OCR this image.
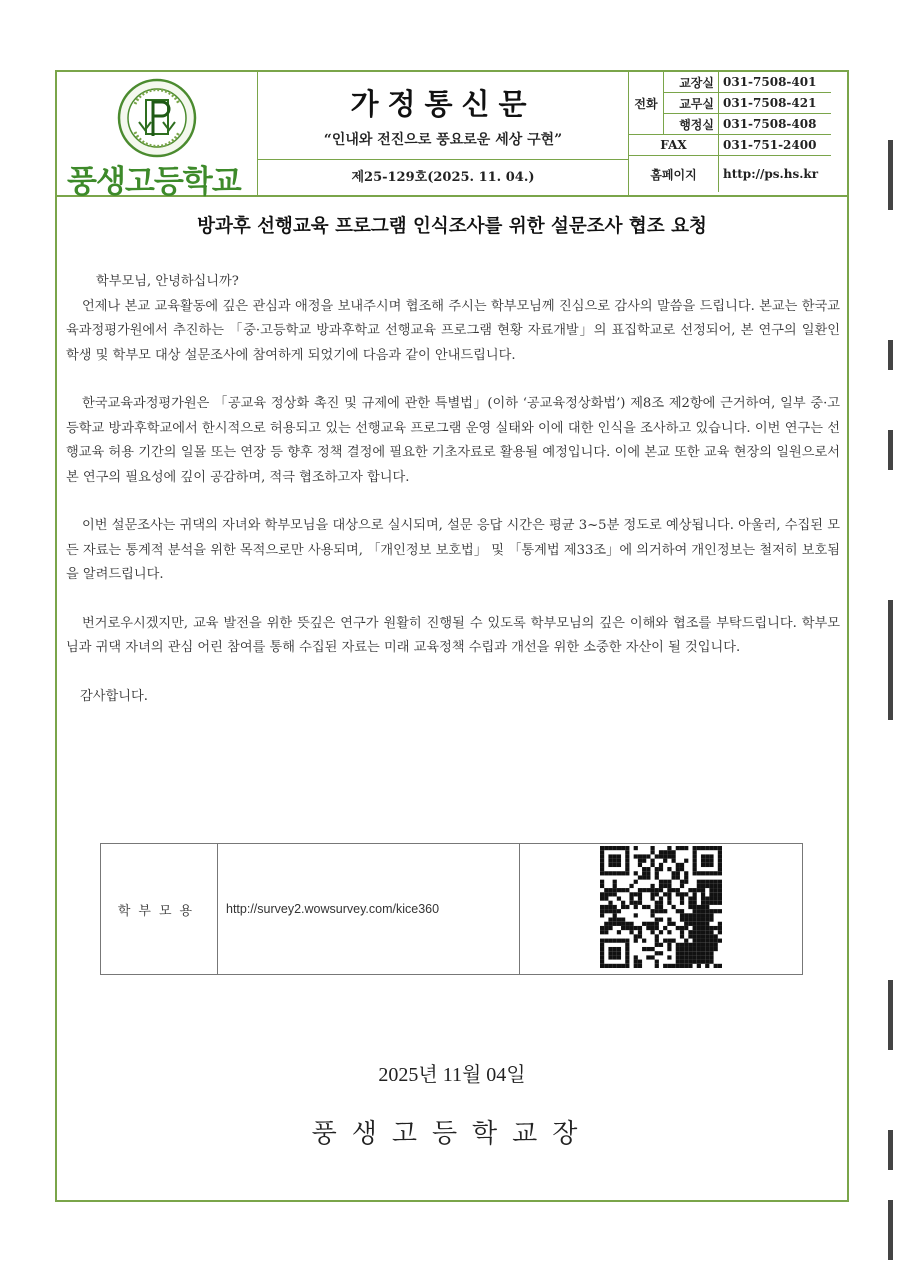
풍생고등학교
가정통신문
“인내와 전진으로 풍요로운 세상 구현”
제25-129호(2025. 11. 04.)
전화	교장실	031-7508-401
	교무실	031-7508-421
	행정실	031-7508-408
FAX		031-751-2400
홈페이지		http://ps.hs.kr
방과후 선행교육 프로그램 인식조사를 위한 설문조사 협조 요청

학부모님, 안녕하십니까?

언제나 본교 교육활동에 깊은 관심과 애정을 보내주시며 협조해 주시는 학부모님께 진심으로 감사의 말씀을 드립니다. 본교는 한국교육과정평가원에서 추진하는 「중·고등학교 방과후학교 선행교육 프로그램 현황 자료개발」의 표집학교로 선정되어, 본 연구의 일환인 학생 및 학부모 대상 설문조사에 참여하게 되었기에 다음과 같이 안내드립니다.

한국교육과정평가원은 「공교육 정상화 촉진 및 규제에 관한 특별법」(이하 ‘공교육정상화법’) 제8조 제2항에 근거하여, 일부 중·고등학교 방과후학교에서 한시적으로 허용되고 있는 선행교육 프로그램 운영 실태와 이에 대한 인식을 조사하고 있습니다. 이번 연구는 선행교육 허용 기간의 일몰 또는 연장 등 향후 정책 결정에 필요한 기초자료로 활용될 예정입니다. 이에 본교 또한 교육 현장의 일원으로서 본 연구의 필요성에 깊이 공감하며, 적극 협조하고자 합니다.

이번 설문조사는 귀댁의 자녀와 학부모님을 대상으로 실시되며, 설문 응답 시간은 평균 3~5분 정도로 예상됩니다. 아울러, 수집된 모든 자료는 통계적 분석을 위한 목적으로만 사용되며, 「개인정보 보호법」 및 「통계법 제33조」에 의거하여 개인정보는 철저히 보호됨을 알려드립니다.

번거로우시겠지만, 교육 발전을 위한 뜻깊은 연구가 원활히 진행될 수 있도록 학부모님의 깊은 이해와 협조를 부탁드립니다. 학부모님과 귀댁 자녀의 관심 어린 참여를 통해 수집된 자료는 미래 교육정책 수립과 개선을 위한 소중한 자산이 될 것입니다.

감사합니다.

학부모용	http://survey2.wowsurvey.com/kice360	
2025년 11월 04일
풍생고등학교장
